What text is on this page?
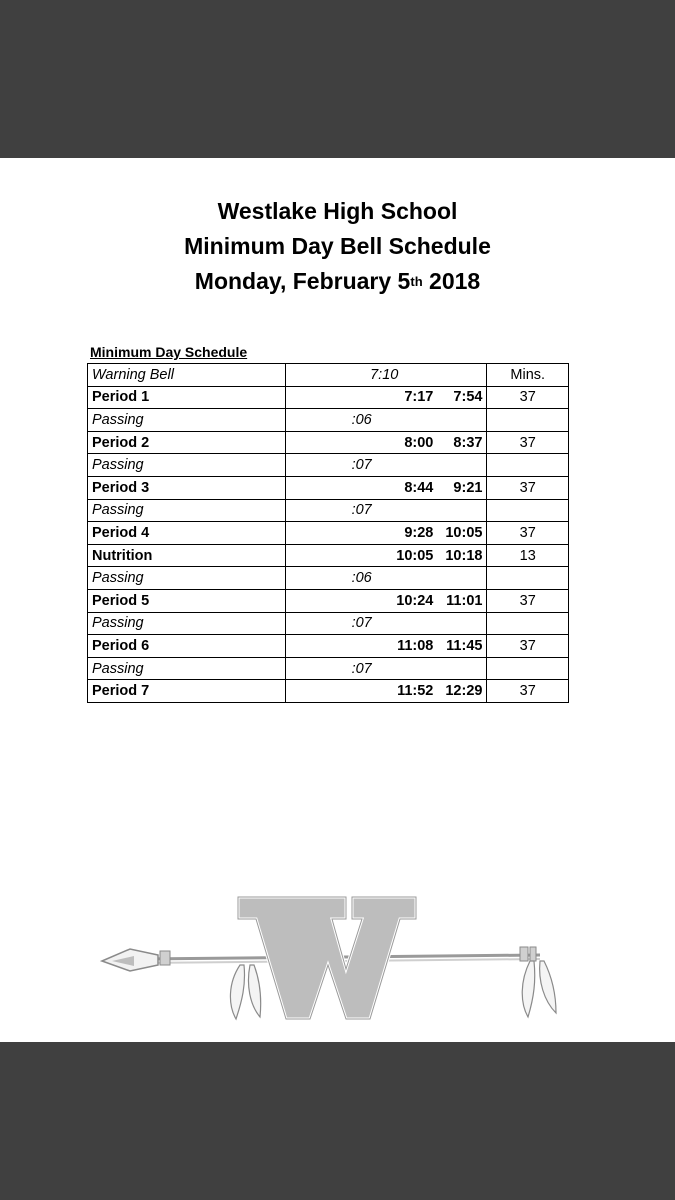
Westlake High School
Minimum Day Bell Schedule
Monday, February 5th 2018
Minimum Day Schedule
Warning Bell	7:10		Mins.
Period 1	7:17	7:54	37
Passing	:06		
Period 2	8:00	8:37	37
Passing	:07		
Period 3	8:44	9:21	37
Passing	:07		
Period 4	9:28	10:05	37
Nutrition	10:05	10:18	13
Passing	:06		
Period 5	10:24	11:01	37
Passing	:07		
Period 6	11:08	11:45	37
Passing	:07		
Period 7	11:52	12:29	37
